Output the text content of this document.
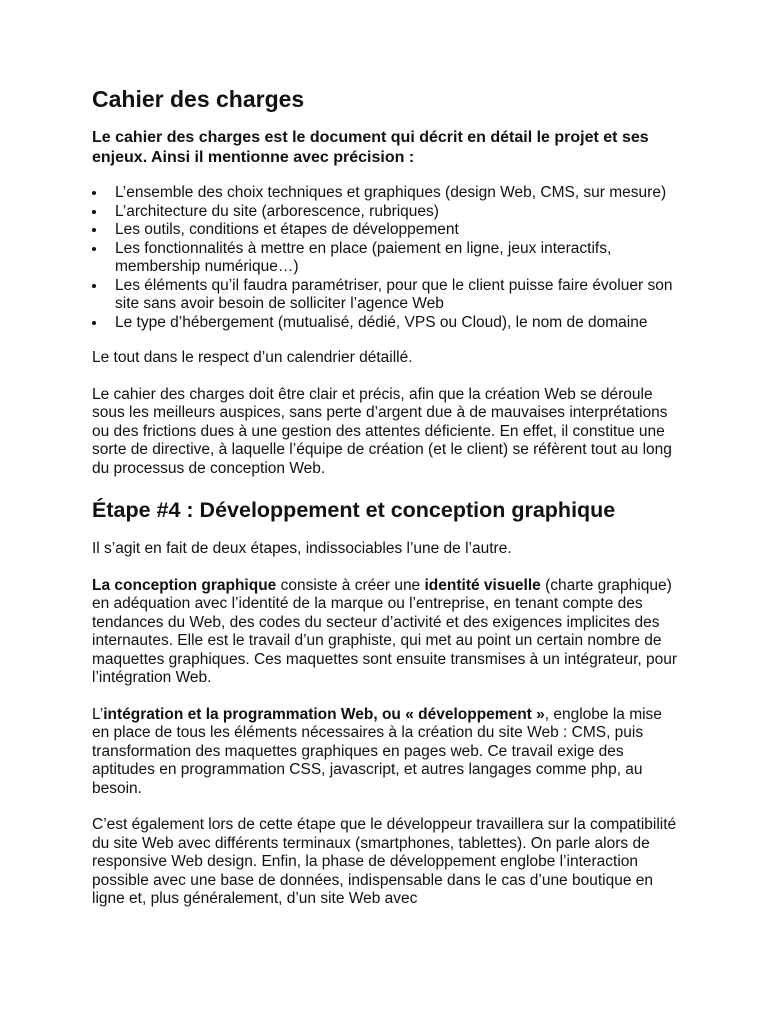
Cahier des charges

Le cahier des charges est le document qui décrit en détail le projet et ses enjeux. Ainsi il mentionne avec précision :

L’ensemble des choix techniques et graphiques (design Web, CMS, sur mesure)
L’architecture du site (arborescence, rubriques)
Les outils, conditions et étapes de développement
Les fonctionnalités à mettre en place (paiement en ligne, jeux interactifs, membership numérique…)
Les éléments qu’il faudra paramétriser, pour que le client puisse faire évoluer son site sans avoir besoin de solliciter l’agence Web
Le type d’hébergement (mutualisé, dédié, VPS ou Cloud), le nom de domaine

Le tout dans le respect d’un calendrier détaillé.

Le cahier des charges doit être clair et précis, afin que la création Web se déroule sous les meilleurs auspices, sans perte d’argent due à de mauvaises interprétations ou des frictions dues à une gestion des attentes déficiente. En effet, il constitue une sorte de directive, à laquelle l’équipe de création (et le client) se réfèrent tout au long du processus de conception Web.

Étape #4 : Développement et conception graphique

Il s’agit en fait de deux étapes, indissociables l’une de l’autre.

La conception graphique consiste à créer une identité visuelle (charte graphique) en adéquation avec l’identité de la marque ou l’entreprise, en tenant compte des tendances du Web, des codes du secteur d’activité et des exigences implicites des internautes. Elle est le travail d’un graphiste, qui met au point un certain nombre de maquettes graphiques. Ces maquettes sont ensuite transmises à un intégrateur, pour l’intégration Web.

L’intégration et la programmation Web, ou « développement », englobe la mise en place de tous les éléments nécessaires à la création du site Web : CMS, puis transformation des maquettes graphiques en pages web. Ce travail exige des aptitudes en programmation CSS, javascript, et autres langages comme php, au besoin.

C’est également lors de cette étape que le développeur travaillera sur la compatibilité du site Web avec différents terminaux (smartphones, tablettes). On parle alors de responsive Web design. Enfin, la phase de développement englobe l’interaction possible avec une base de données, indispensable dans le cas d’une boutique en ligne et, plus généralement, d’un site Web avec
